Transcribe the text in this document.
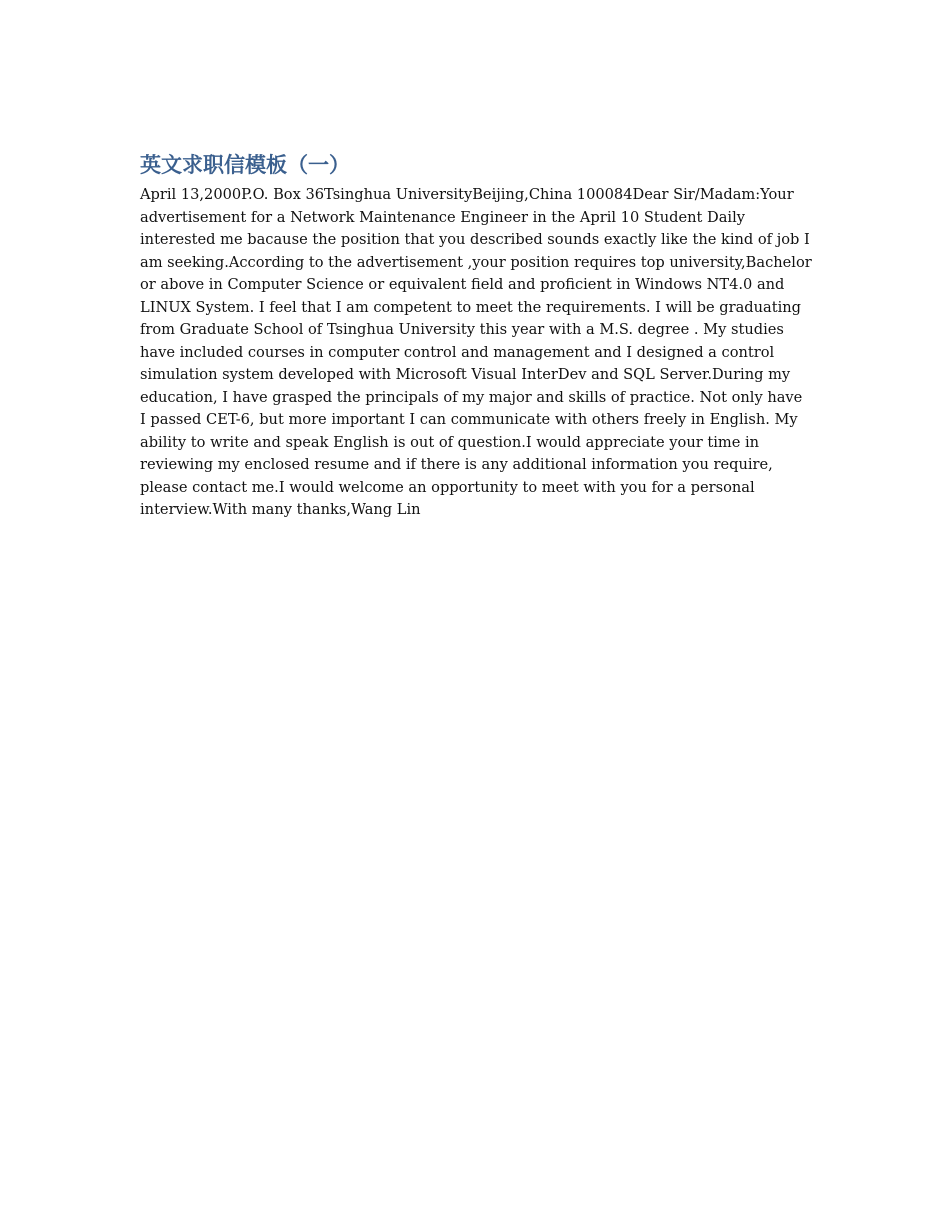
英文求职信模板（一）

April 13,2000P.O. Box 36Tsinghua UniversityBeijing,China 100084Dear Sir/Madam:Your advertisement for a Network Maintenance Engineer in the April 10 Student Daily interested me bacause the position that you described sounds exactly like the kind of job I am seeking.According to the advertisement ,your position requires top university,Bachelor or above in Computer Science or equivalent field and proficient in Windows NT4.0 and LINUX System. I feel that I am competent to meet the requirements. I will be graduating from Graduate School of Tsinghua University this year with a M.S. degree . My studies have included courses in computer control and management and I designed a control simulation system developed with Microsoft Visual InterDev and SQL Server.During my education, I have grasped the principals of my major and skills of practice. Not only have I passed CET-6, but more important I can communicate with others freely in English. My ability to write and speak English is out of question.I would appreciate your time in reviewing my enclosed resume and if there is any additional information you require, please contact me.I would welcome an opportunity to meet with you for a personal interview.With many thanks,Wang Lin
